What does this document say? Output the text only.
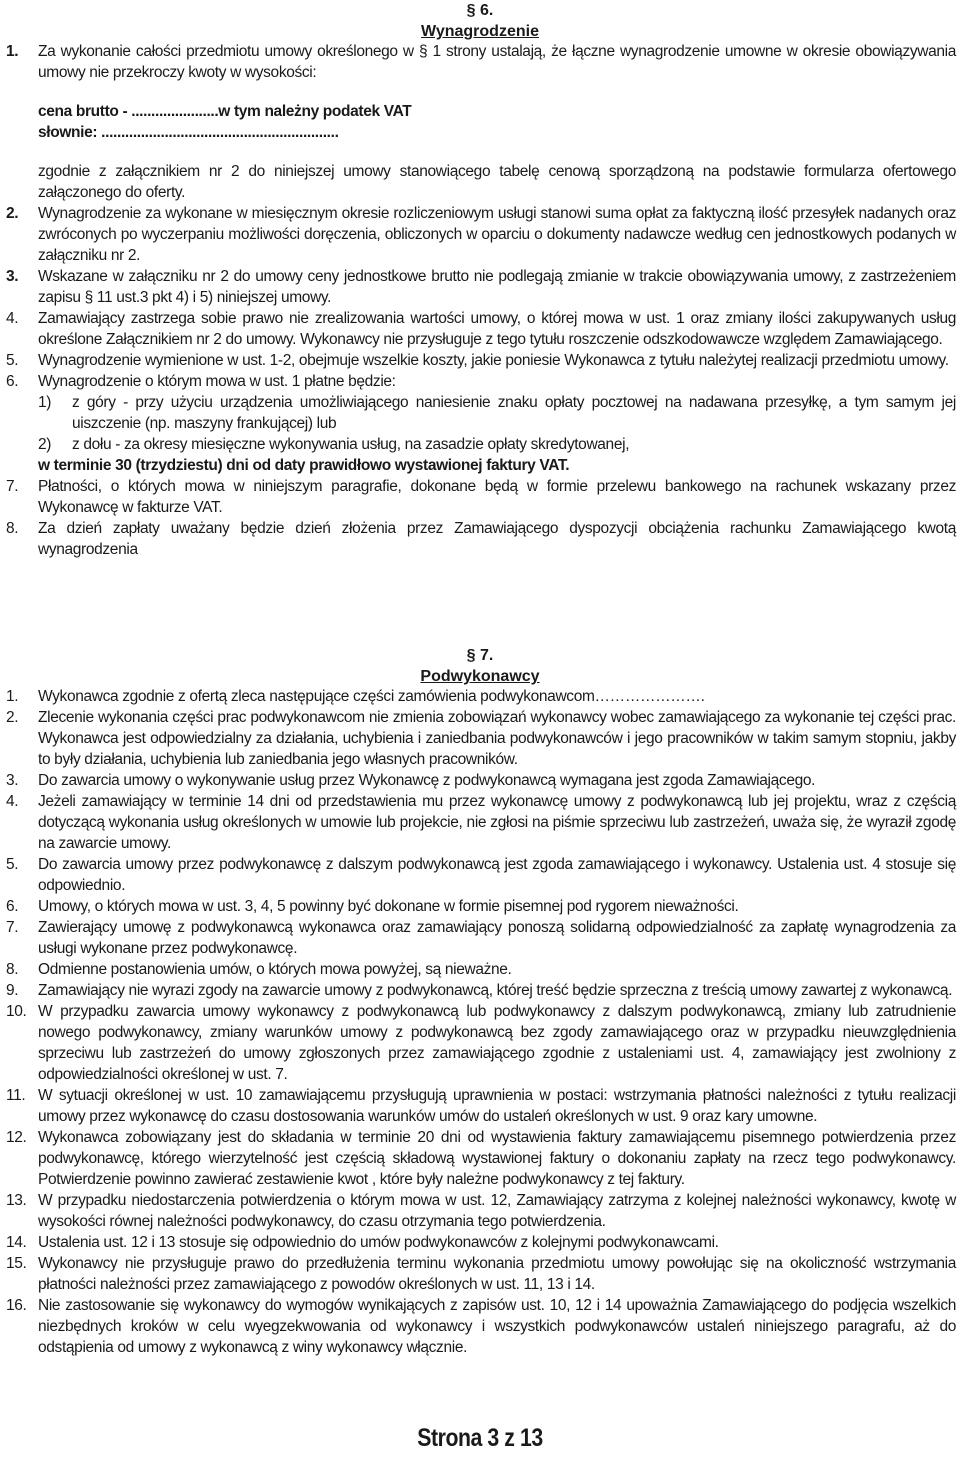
§ 6.
Wynagrodzenie
1. Za wykonanie całości przedmiotu umowy określonego w § 1 strony ustalają, że łączne wynagrodzenie umowne w okresie obowiązywania umowy nie przekroczy kwoty w wysokości:
cena brutto - ......................w tym należny podatek VAT
słownie: ............................................................
zgodnie z załącznikiem nr 2 do niniejszej umowy stanowiącego tabelę cenową sporządzoną na podstawie formularza ofertowego załączonego do oferty.
2. Wynagrodzenie za wykonane w miesięcznym okresie rozliczeniowym usługi stanowi suma opłat za faktyczną ilość przesyłek nadanych oraz zwróconych po wyczerpaniu możliwości doręczenia, obliczonych w oparciu o dokumenty nadawcze według cen jednostkowych podanych w załączniku nr 2.
3. Wskazane w załączniku nr 2 do umowy ceny jednostkowe brutto nie podlegają zmianie w trakcie obowiązywania umowy, z zastrzeżeniem zapisu § 11 ust.3 pkt 4) i 5) niniejszej umowy.
4. Zamawiający zastrzega sobie prawo nie zrealizowania wartości umowy, o której mowa w ust. 1 oraz zmiany ilości zakupywanych usług określone Załącznikiem nr 2 do umowy. Wykonawcy nie przysługuje z tego tytułu roszczenie odszkodowawcze względem Zamawiającego.
5. Wynagrodzenie wymienione w ust. 1-2, obejmuje wszelkie koszty, jakie poniesie Wykonawca z tytułu należytej realizacji przedmiotu umowy.
6. Wynagrodzenie o którym mowa w ust. 1 płatne będzie:
1) z góry - przy użyciu urządzenia umożliwiającego naniesienie znaku opłaty pocztowej na nadawana przesyłkę, a tym samym jej uiszczenie (np. maszyny frankującej) lub
2) z dołu - za okresy miesięczne wykonywania usług, na zasadzie opłaty skredytowanej,
w terminie 30 (trzydziestu) dni od daty prawidłowo wystawionej faktury VAT.
7. Płatności, o których mowa w niniejszym paragrafie, dokonane będą w formie przelewu bankowego na rachunek wskazany przez Wykonawcę w fakturze VAT.
8. Za dzień zapłaty uważany będzie dzień złożenia przez Zamawiającego dyspozycji obciążenia rachunku Zamawiającego kwotą wynagrodzenia
§ 7.
Podwykonawcy
1. Wykonawca zgodnie z ofertą zleca następujące części zamówienia podwykonawcom………………….
2. Zlecenie wykonania części prac podwykonawcom nie zmienia zobowiązań wykonawcy wobec zamawiającego za wykonanie tej części prac. Wykonawca jest odpowiedzialny za działania, uchybienia i zaniedbania podwykonawców i jego pracowników w takim samym stopniu, jakby to były działania, uchybienia lub zaniedbania jego własnych pracowników.
3. Do zawarcia umowy o wykonywanie usług przez Wykonawcę z podwykonawcą wymagana jest zgoda Zamawiającego.
4. Jeżeli zamawiający w terminie 14 dni od przedstawienia mu przez wykonawcę umowy z podwykonawcą lub jej projektu, wraz z częścią dotyczącą wykonania usług określonych w umowie lub projekcie, nie zgłosi na piśmie sprzeciwu lub zastrzeżeń, uważa się, że wyraził zgodę na zawarcie umowy.
5. Do zawarcia umowy przez podwykonawcę z dalszym podwykonawcą jest zgoda zamawiającego i wykonawcy. Ustalenia ust. 4 stosuje się odpowiednio.
6. Umowy, o których mowa w ust. 3, 4, 5 powinny być dokonane w formie pisemnej pod rygorem nieważności.
7. Zawierający umowę z podwykonawcą wykonawca oraz zamawiający ponoszą solidarną odpowiedzialność za zapłatę wynagrodzenia za usługi wykonane przez podwykonawcę.
8. Odmienne postanowienia umów, o których mowa powyżej, są nieważne.
9. Zamawiający nie wyrazi zgody na zawarcie umowy z podwykonawcą, której treść będzie sprzeczna z treścią umowy zawartej z wykonawcą.
10. W przypadku zawarcia umowy wykonawcy z podwykonawcą lub podwykonawcy z dalszym podwykonawcą, zmiany lub zatrudnienie nowego podwykonawcy, zmiany warunków umowy z podwykonawcą bez zgody zamawiającego oraz w przypadku nieuwzględnienia sprzeciwu lub zastrzeżeń do umowy zgłoszonych przez zamawiającego zgodnie z ustaleniami ust. 4, zamawiający jest zwolniony z odpowiedzialności określonej w ust. 7.
11. W sytuacji określonej w ust. 10 zamawiającemu przysługują uprawnienia w postaci: wstrzymania płatności należności z tytułu realizacji umowy przez wykonawcę do czasu dostosowania warunków umów do ustaleń określonych w ust. 9 oraz kary umowne.
12. Wykonawca zobowiązany jest do składania w terminie 20 dni od wystawienia faktury zamawiającemu pisemnego potwierdzenia przez podwykonawcę, którego wierzytelność jest częścią składową wystawionej faktury o dokonaniu zapłaty na rzecz tego podwykonawcy. Potwierdzenie powinno zawierać zestawienie kwot , które były należne podwykonawcy z tej faktury.
13. W przypadku niedostarczenia potwierdzenia o którym mowa w ust. 12, Zamawiający zatrzyma z kolejnej należności wykonawcy, kwotę w wysokości równej należności podwykonawcy, do czasu otrzymania tego potwierdzenia.
14. Ustalenia ust. 12 i 13 stosuje się odpowiednio do umów podwykonawców z kolejnymi podwykonawcami.
15. Wykonawcy nie przysługuje prawo do przedłużenia terminu wykonania przedmiotu umowy powołując się na okoliczność wstrzymania płatności należności przez zamawiającego z powodów określonych w ust. 11, 13 i 14.
16. Nie zastosowanie się wykonawcy do wymogów wynikających z zapisów ust. 10, 12 i 14 upoważnia Zamawiającego do podjęcia wszelkich niezbędnych kroków w celu wyegzekwowania od wykonawcy i wszystkich podwykonawców ustaleń niniejszego paragrafu, aż do odstąpienia od umowy z wykonawcą z winy wykonawcy włącznie.
Strona 3 z 13
